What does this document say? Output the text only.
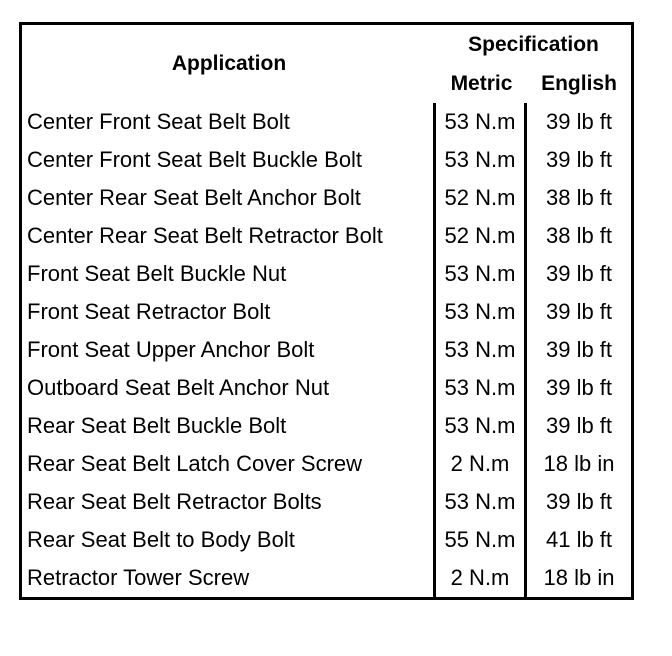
Application	Specification	
	Metric	English
Center Front Seat Belt Bolt	53 N.m	39 lb ft
Center Front Seat Belt Buckle Bolt	53 N.m	39 lb ft
Center Rear Seat Belt Anchor Bolt	52 N.m	38 lb ft
Center Rear Seat Belt Retractor Bolt	52 N.m	38 lb ft
Front Seat Belt Buckle Nut	53 N.m	39 lb ft
Front Seat Retractor Bolt	53 N.m	39 lb ft
Front Seat Upper Anchor Bolt	53 N.m	39 lb ft
Outboard Seat Belt Anchor Nut	53 N.m	39 lb ft
Rear Seat Belt Buckle Bolt	53 N.m	39 lb ft
Rear Seat Belt Latch Cover Screw	2 N.m	18 lb in
Rear Seat Belt Retractor Bolts	53 N.m	39 lb ft
Rear Seat Belt to Body Bolt	55 N.m	41 lb ft
Retractor Tower Screw	2 N.m	18 lb in
